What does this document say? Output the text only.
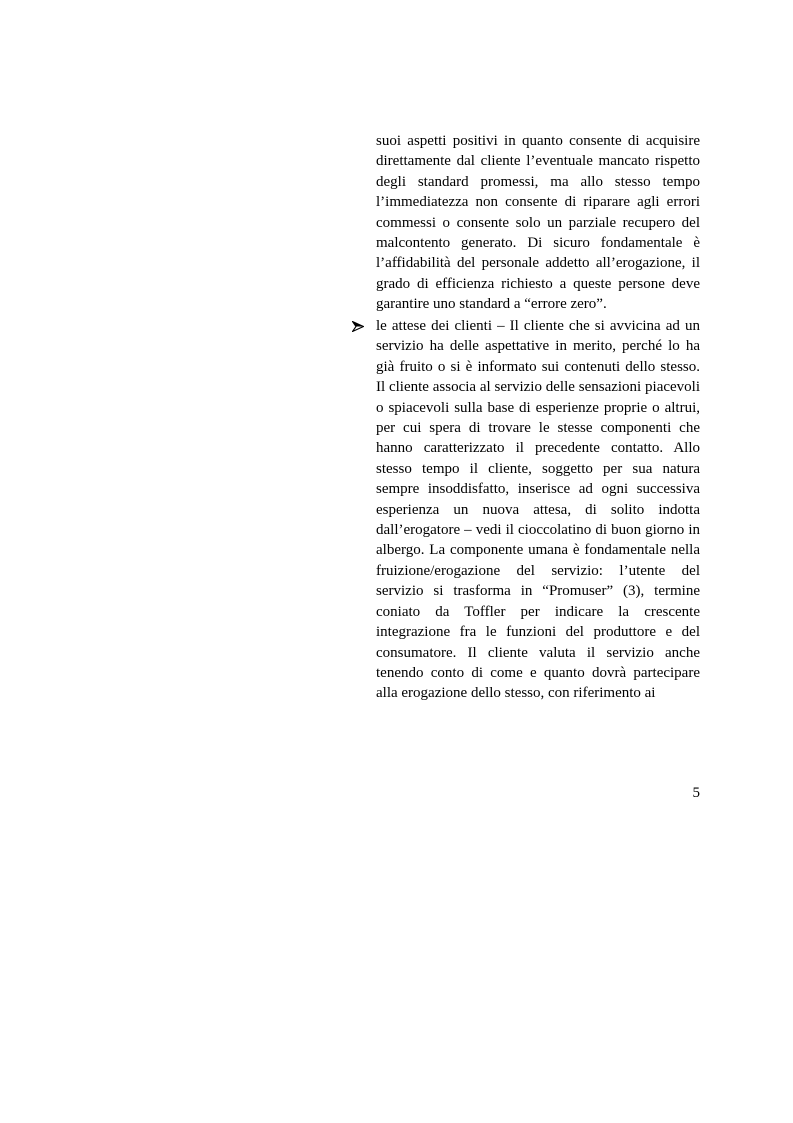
suoi aspetti positivi in quanto consente di acquisire direttamente dal cliente l’eventuale mancato rispetto degli standard promessi, ma allo stesso tempo l’immediatezza non consente di riparare agli errori commessi o consente solo un parziale recupero del malcontento generato. Di sicuro fondamentale è l’affidabilità del personale addetto all’erogazione, il grado di efficienza richiesto a queste persone deve garantire uno standard a “errore zero”.
le attese dei clienti – Il cliente che si avvicina ad un servizio ha delle aspettative in merito, perché lo ha già fruito o si è informato sui contenuti dello stesso. Il cliente associa al servizio delle sensazioni piacevoli o spiacevoli sulla base di esperienze proprie o altrui, per cui spera di trovare le stesse componenti che hanno caratterizzato il precedente contatto. Allo stesso tempo il cliente, soggetto per sua natura sempre insoddisfatto, inserisce ad ogni successiva esperienza un nuova attesa, di solito indotta dall’erogatore – vedi il cioccolatino di buon giorno in albergo. La componente umana è fondamentale nella fruizione/erogazione del servizio: l’utente del servizio si trasforma in “Promuser” (3), termine coniato da Toffler per indicare la crescente integrazione fra le funzioni del produttore e del consumatore. Il cliente valuta il servizio anche tenendo conto di come e quanto dovrà partecipare alla erogazione dello stesso, con riferimento ai
5
